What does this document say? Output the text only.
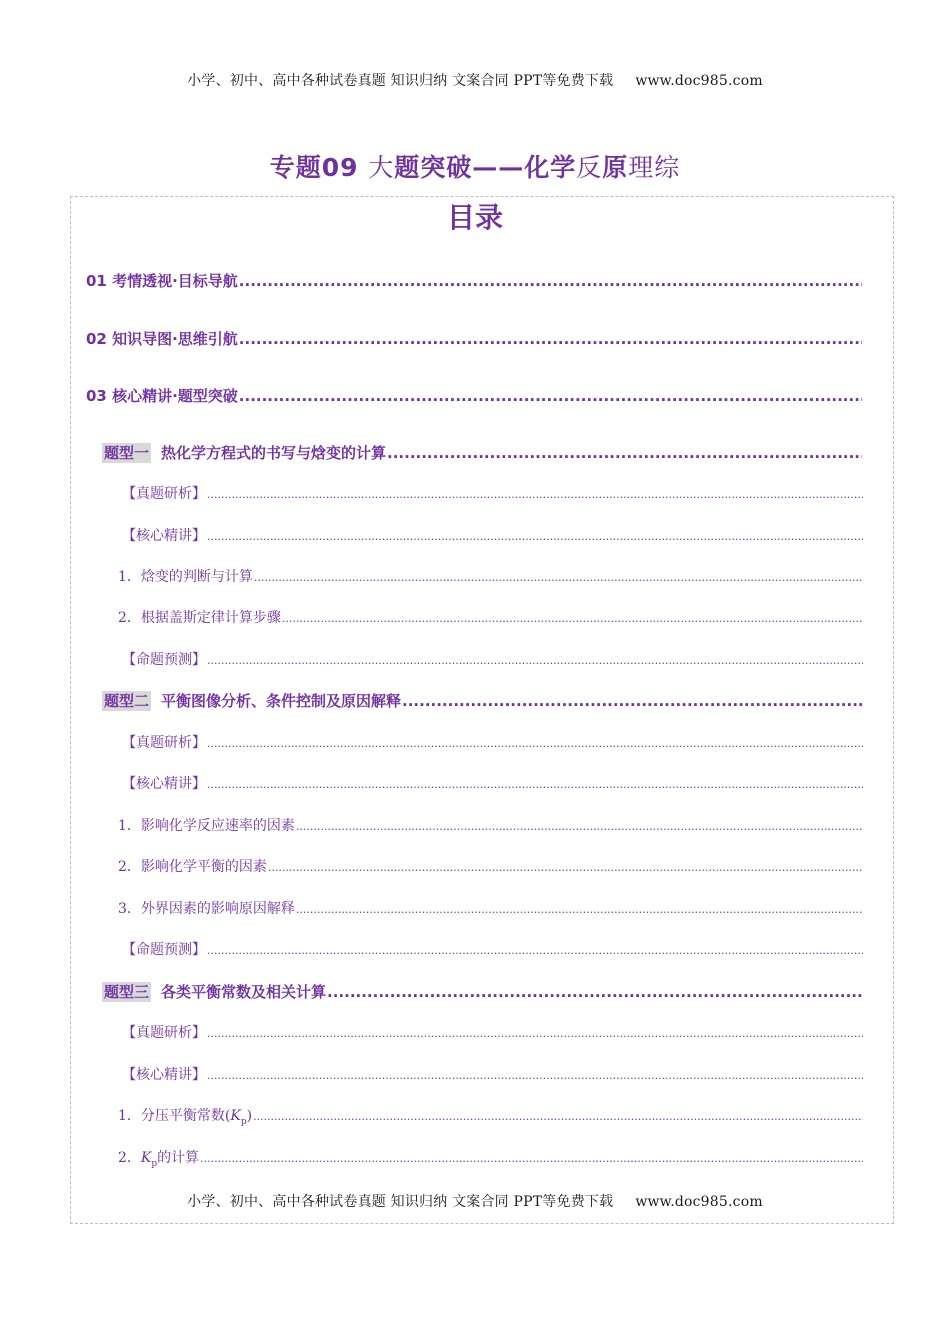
小学、初中、高中各种试卷真题 知识归纳 文案合同 PPT等免费下载 www.doc985.com
专题09 大题突破——化学反原理综
目录
01 考情透视·目标导航
.....
02 知识导图·思维引航
.....
03 核心精讲·题型突破
.....
题型一 热化学方程式的书写与焓变的计算
.....
【真题研析】
.....
【核心精讲】
.....
1．焓变的判断与计算
.....
2．根据盖斯定律计算步骤
.....
【命题预测】
.....
题型二 平衡图像分析、条件控制及原因解释
.....
【真题研析】
.....
【核心精讲】
.....
1．影响化学反应速率的因素
.....
2．影响化学平衡的因素
.....
3．外界因素的影响原因解释
.....
【命题预测】
.....
题型三 各类平衡常数及相关计算
.....
【真题研析】
.....
【核心精讲】
.....
1．分压平衡常数$(K_p)$
.....
2．$K_p$的计算
.....
小学、初中、高中各种试卷真题 知识归纳 文案合同 PPT等免费下载 www.doc985.com
